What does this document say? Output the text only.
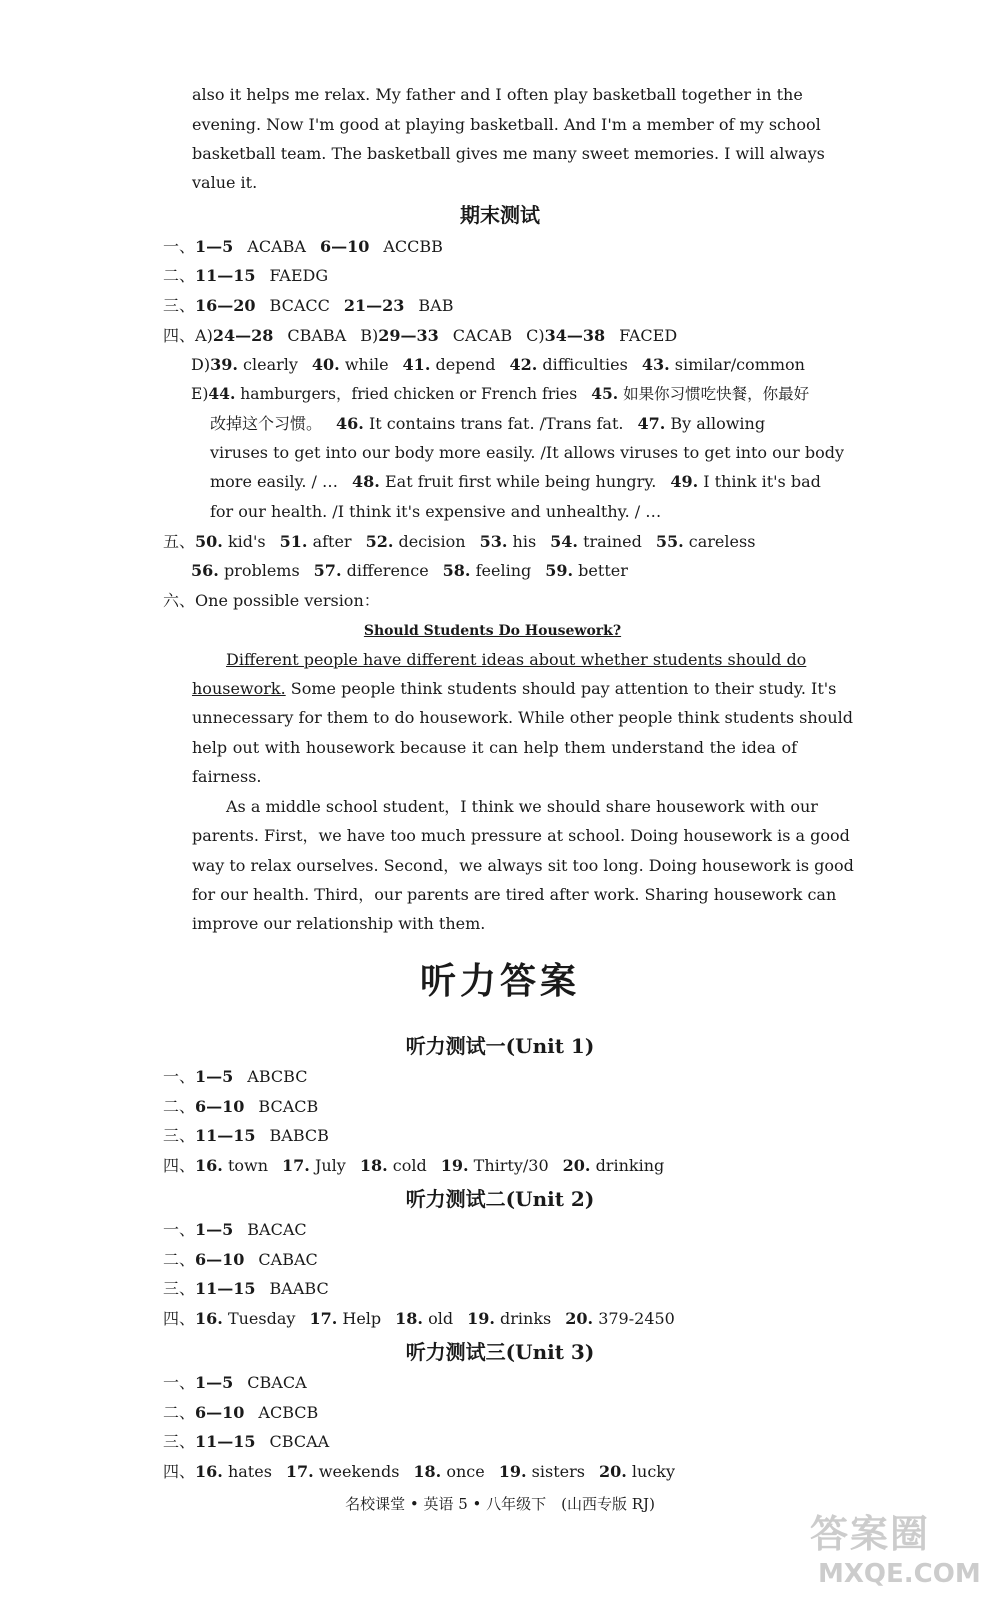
also it helps me relax. My father and I often play basketball together in the
evening. Now I'm good at playing basketball. And I'm a member of my school
basketball team. The basketball gives me many sweet memories. I will always
value it.
期末测试
一、1—5 ACABA 6—10 ACCBB
二、11—15 FAEDG
三、16—20 BCACC 21—23 BAB
四、A)24—28 CBABA B)29—33 CACAB C)34—38 FACED
D)39. clearly 40. while 41. depend 42. difficulties 43. similar/common
E)44. hamburgers，fried chicken or French fries 45. 如果你习惯吃快餐，你最好
改掉这个习惯。 46. It contains trans fat. /Trans fat. 47. By allowing
viruses to get into our body more easily. /It allows viruses to get into our body
more easily. / … 48. Eat fruit first while being hungry. 49. I think it's bad
for our health. /I think it's expensive and unhealthy. / …
五、50. kid's 51. after 52. decision 53. his 54. trained 55. careless
56. problems 57. difference 58. feeling 59. better
六、One possible version：
Should Students Do Housework?
Different people have different ideas about whether students should do
housework. Some people think students should pay attention to their study. It's
unnecessary for them to do housework. While other people think students should
help out with housework because it can help them understand the idea of
fairness.
As a middle school student，I think we should share housework with our
parents. First，we have too much pressure at school. Doing housework is a good
way to relax ourselves. Second，we always sit too long. Doing housework is good
for our health. Third，our parents are tired after work. Sharing housework can
improve our relationship with them.
听力答案
听力测试一(Unit 1)
一、1—5 ABCBC
二、6—10 BCACB
三、11—15 BABCB
四、16. town 17. July 18. cold 19. Thirty/30 20. drinking
听力测试二(Unit 2)
一、1—5 BACAC
二、6—10 CABAC
三、11—15 BAABC
四、16. Tuesday 17. Help 18. old 19. drinks 20. 379-2450
听力测试三(Unit 3)
一、1—5 CBACA
二、6—10 ACBCB
三、11—15 CBCAA
四、16. hates 17. weekends 18. once 19. sisters 20. lucky
名校课堂 • 英语 5 • 八年级下　(山西专版 RJ)
答案圈
MXQE.COM
